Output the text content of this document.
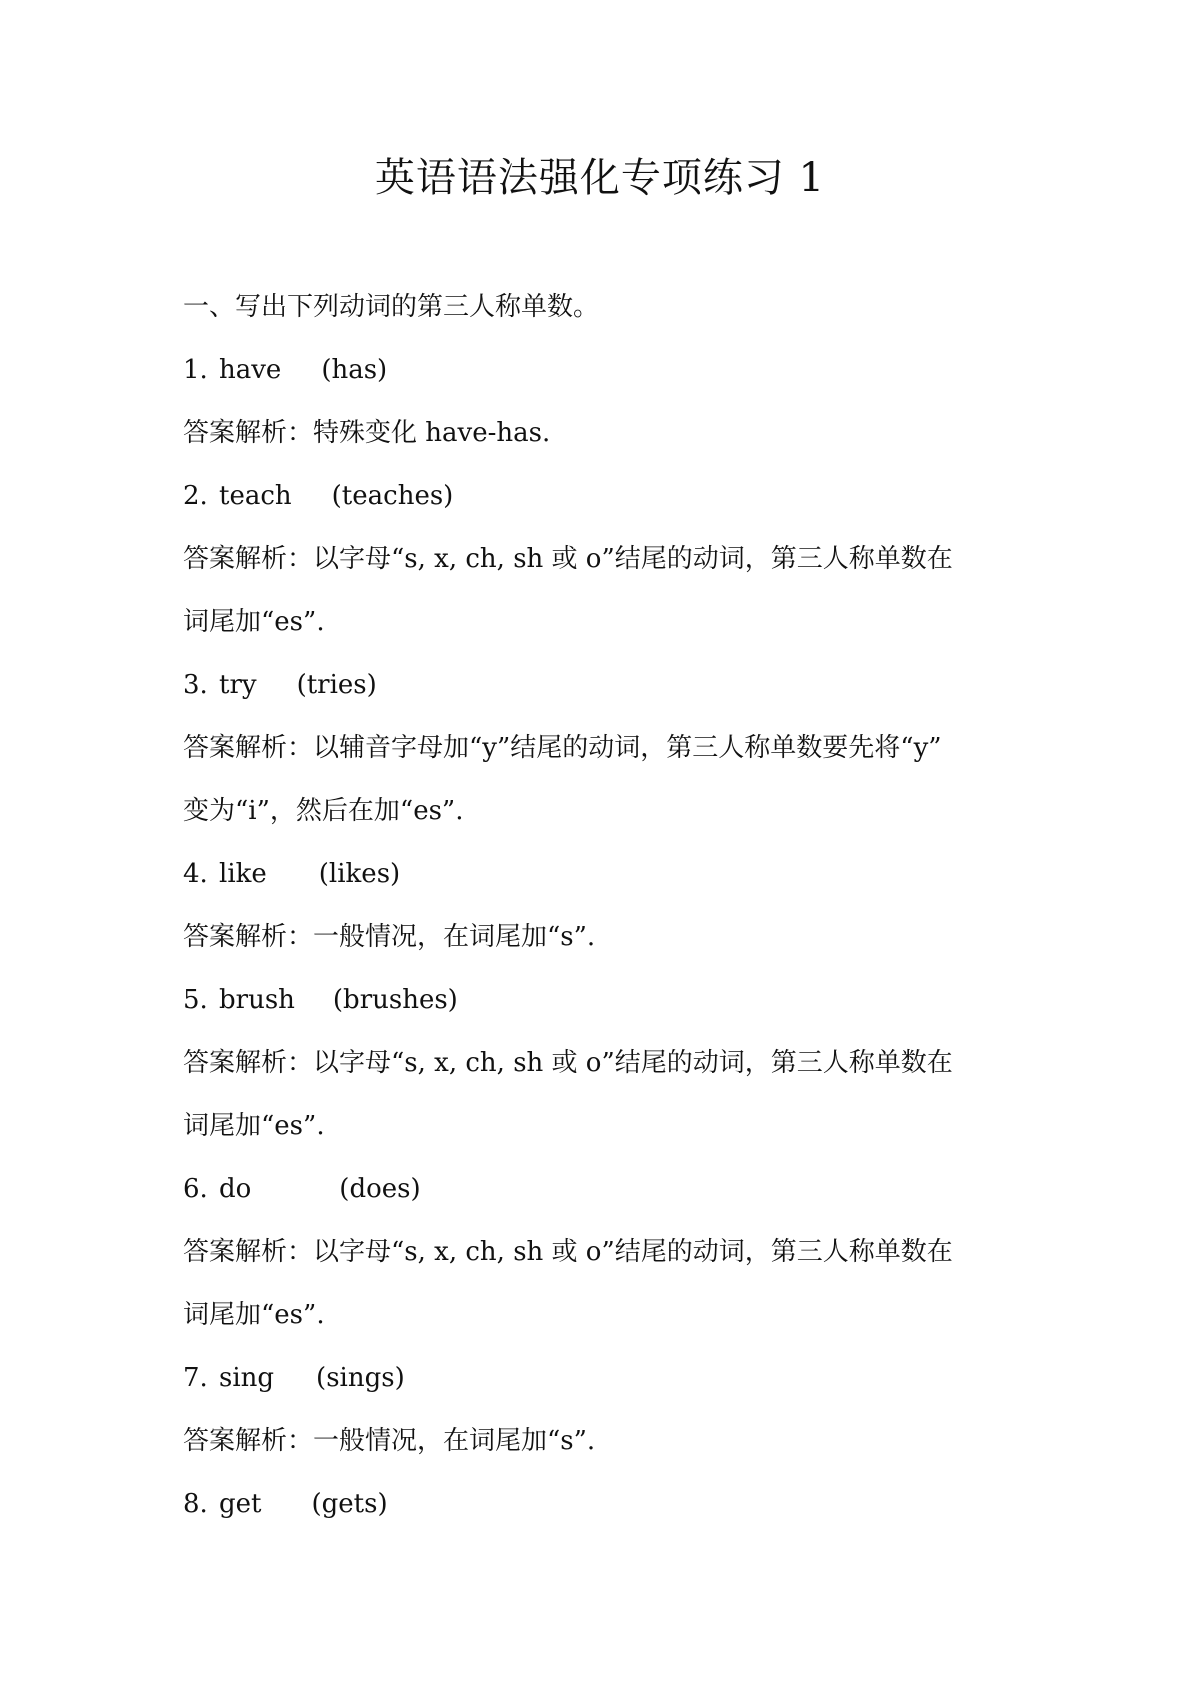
英语语法强化专项练习 1
一、写出下列动词的第三人称单数。
1. have (has)
答案解析：特殊变化 have-has.
2. teach (teaches)
答案解析：以字母“s, x, ch, sh 或 o”结尾的动词，第三人称单数在
词尾加“es”.
3. try (tries)
答案解析：以辅音字母加“y”结尾的动词，第三人称单数要先将“y”
变为“i”，然后在加“es”.
4. like (likes)
答案解析：一般情况，在词尾加“s”.
5. brush (brushes)
答案解析：以字母“s, x, ch, sh 或 o”结尾的动词，第三人称单数在
词尾加“es”.
6. do	(does)
答案解析：以字母“s, x, ch, sh 或 o”结尾的动词，第三人称单数在
词尾加“es”.
7. sing (sings)
答案解析：一般情况，在词尾加“s”.
8. get (gets)
